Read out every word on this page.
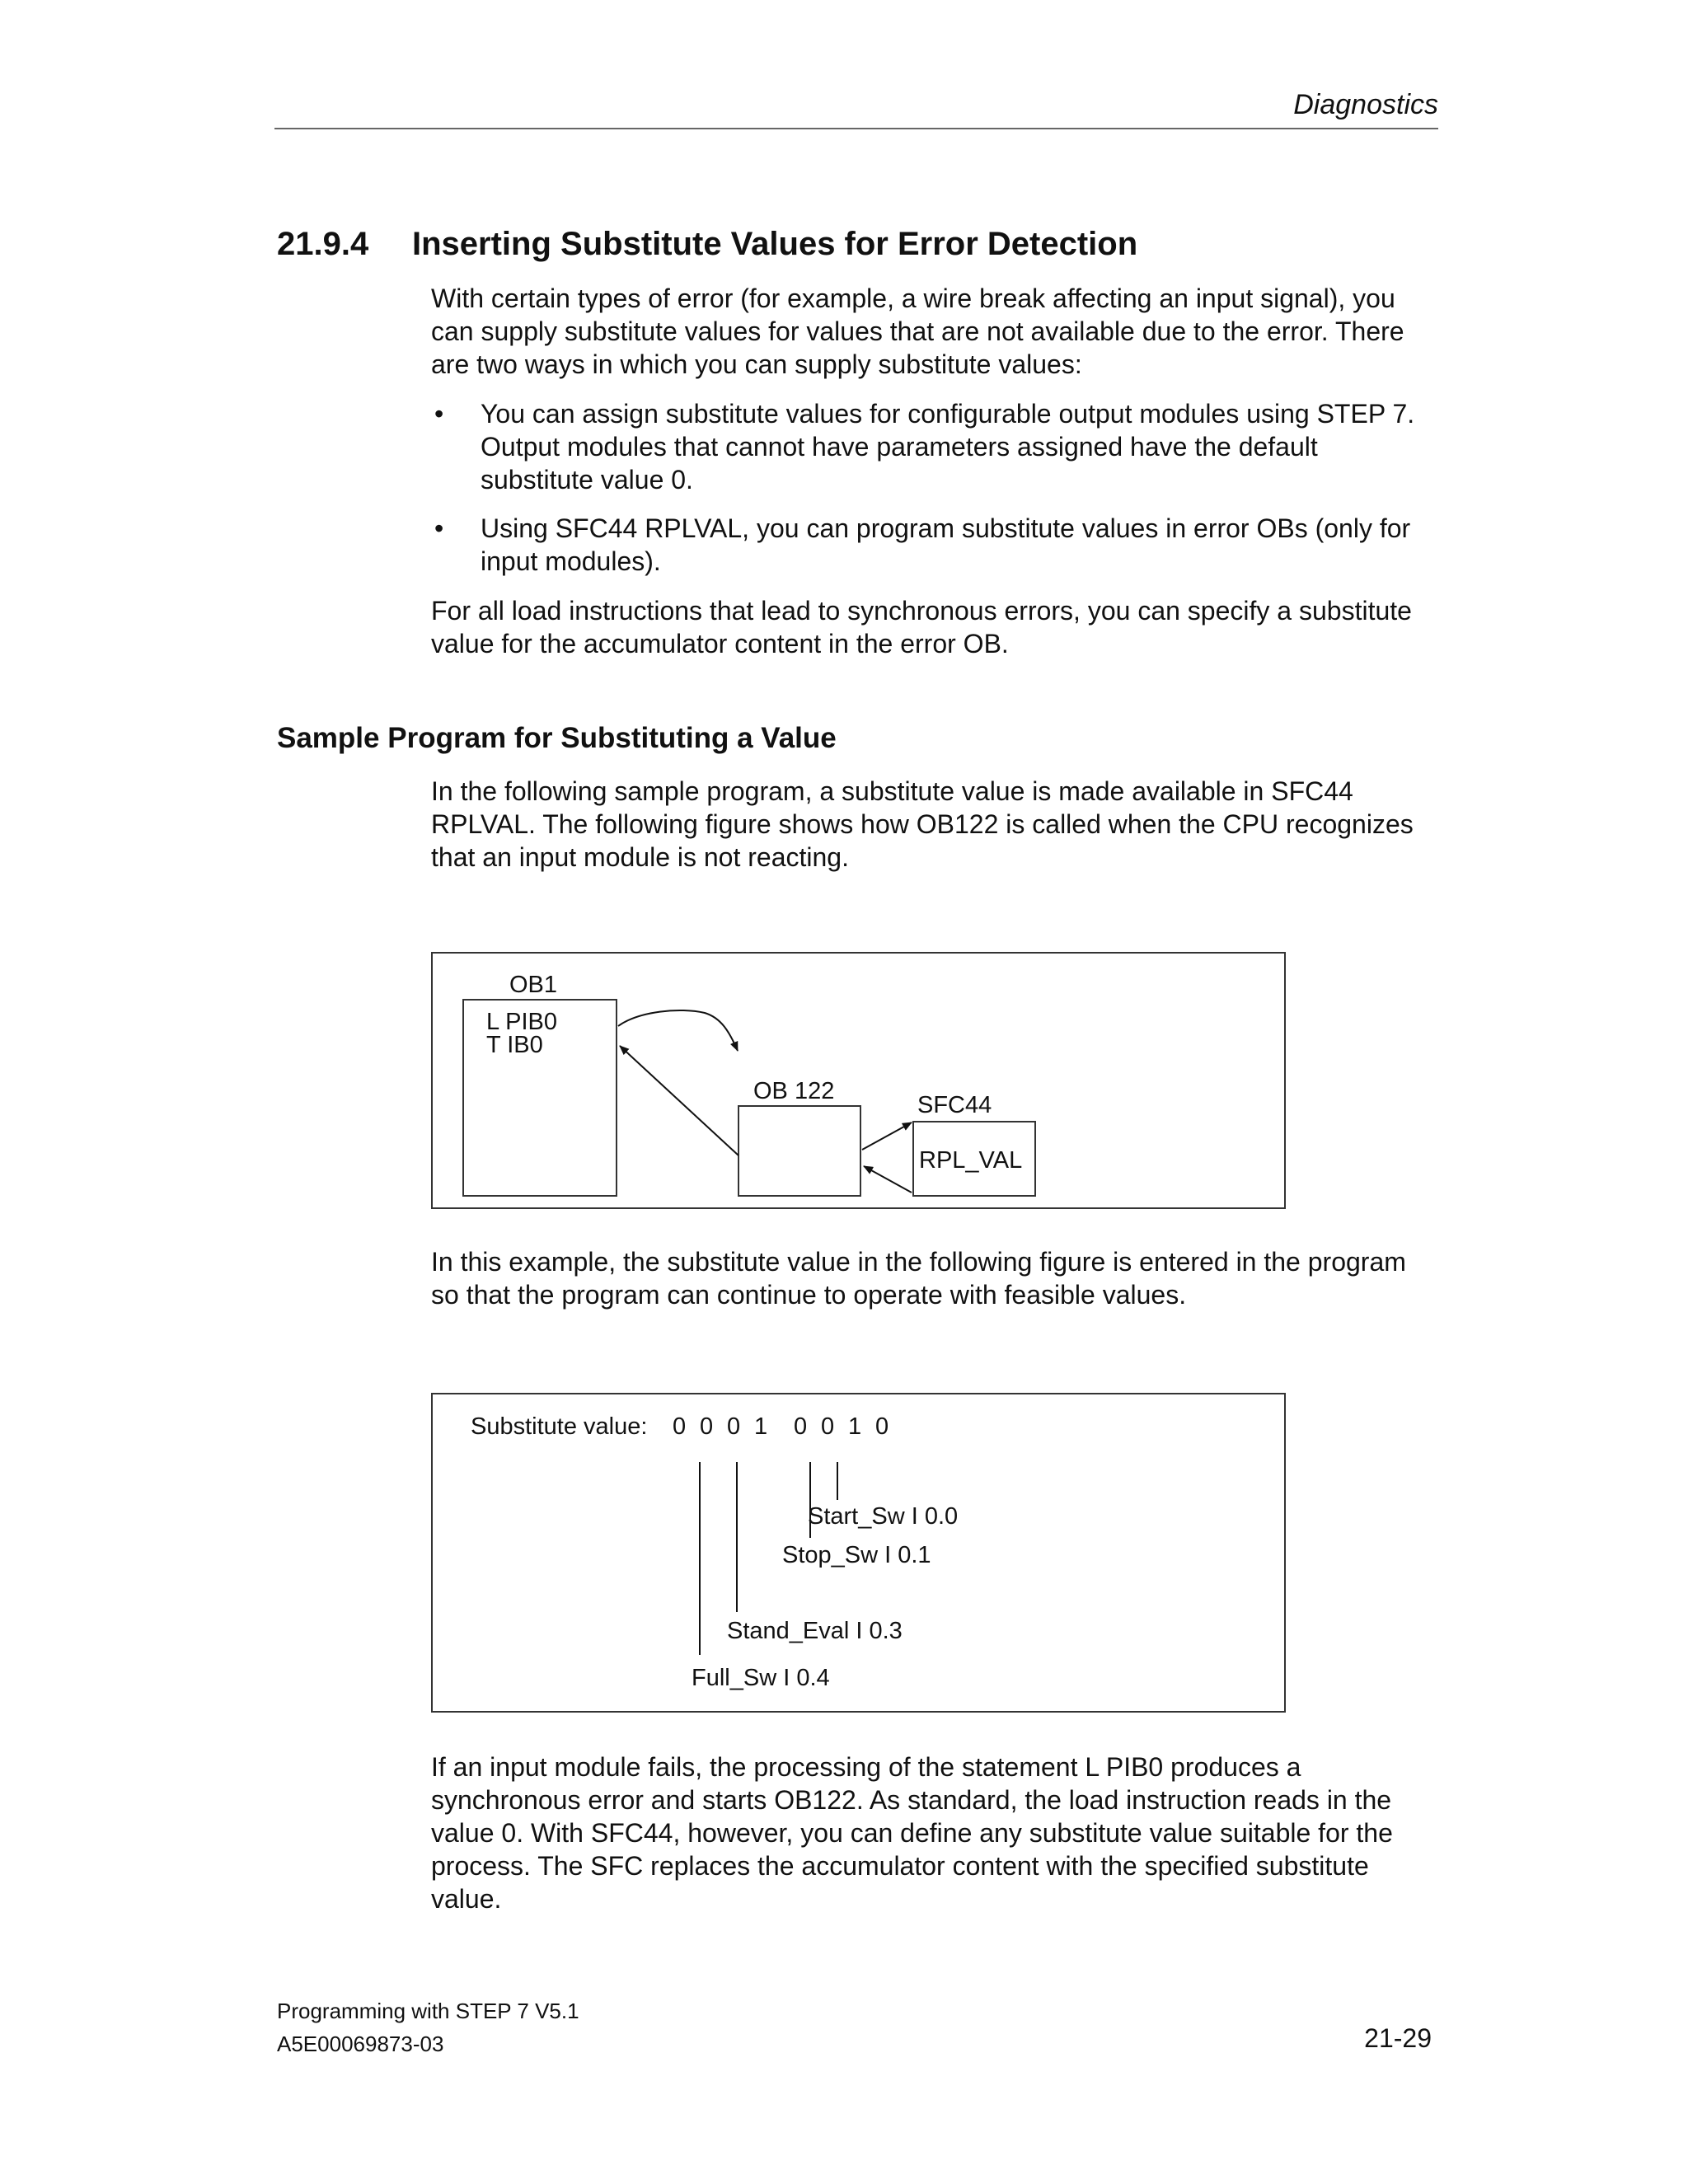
Diagnostics
21.9.4 Inserting Substitute Values for Error Detection

With certain types of error (for example, a wire break affecting an input signal), you can supply substitute values for values that are not available due to the error. There are two ways in which you can supply substitute values:

• You can assign substitute values for configurable output modules using STEP 7. Output modules that cannot have parameters assigned have the default substitute value 0.
• Using SFC44 RPLVAL, you can program substitute values in error OBs (only for input modules).

For all load instructions that lead to synchronous errors, you can specify a substitute value for the accumulator content in the error OB.

Sample Program for Substituting a Value

In the following sample program, a substitute value is made available in SFC44 RPLVAL. The following figure shows how OB122 is called when the CPU recognizes that an input module is not reacting.

OB1
L PIB0
T IB0
OB 122
SFC44
RPL_VAL

In this example, the substitute value in the following figure is entered in the program so that the program can continue to operate with feasible values.

Substitute value: 0 0 0 1 0 0 1 0
Start_Sw I 0.0
Stop_Sw I 0.1
Stand_Eval I 0.3
Full_Sw I 0.4

If an input module fails, the processing of the statement L PIB0 produces a synchronous error and starts OB122. As standard, the load instruction reads in the value 0. With SFC44, however, you can define any substitute value suitable for the process. The SFC replaces the accumulator content with the specified substitute value.

Programming with STEP 7 V5.1
A5E00069873-03	21-29
